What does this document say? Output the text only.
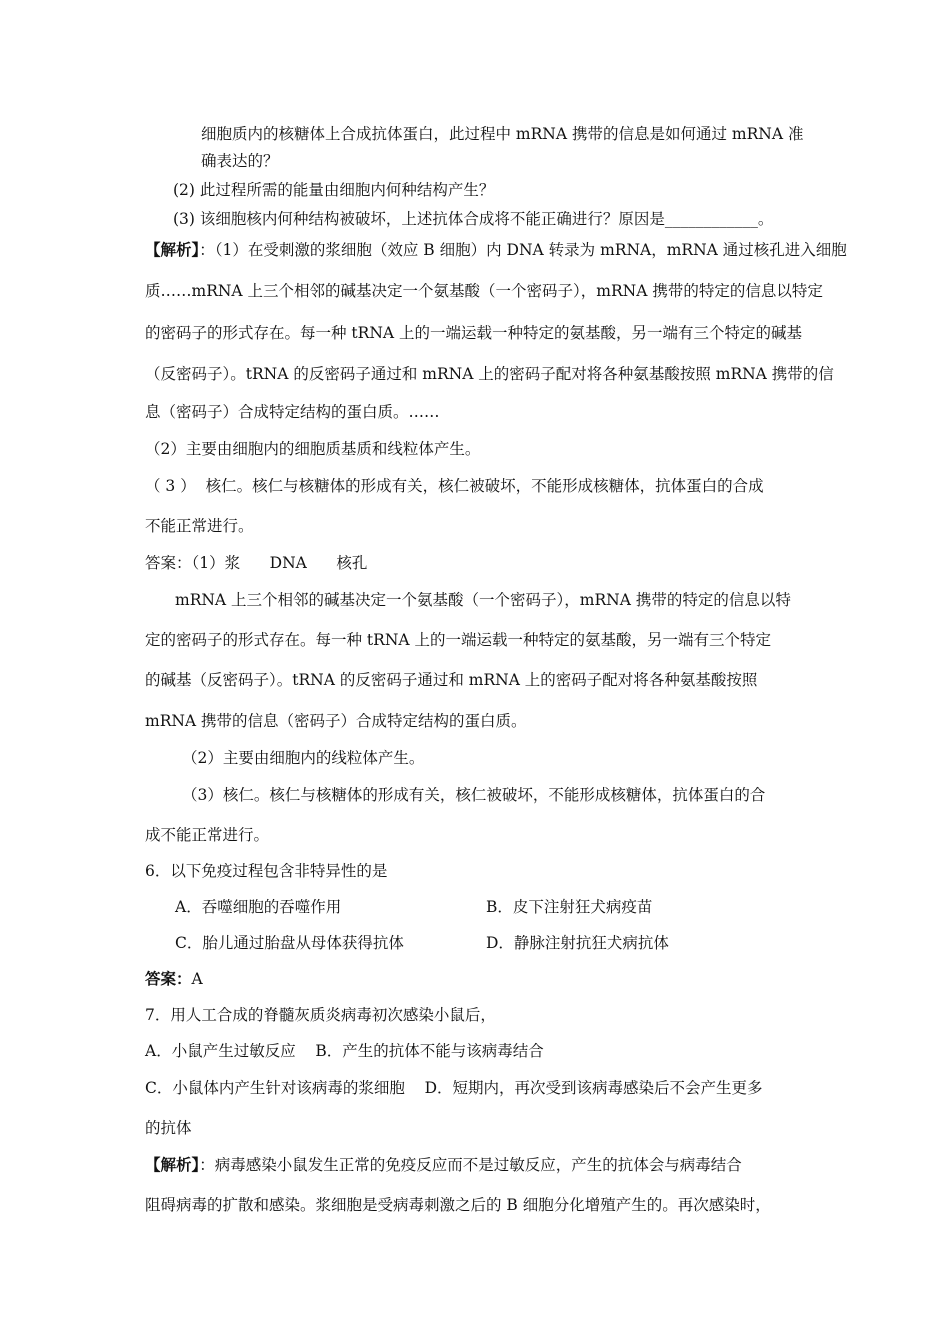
细胞质内的核糖体上合成抗体蛋白，此过程中 mRNA 携带的信息是如何通过 mRNA 准
确表达的？
(2) 此过程所需的能量由细胞内何种结构产生？
(3) 该细胞核内何种结构被破坏，上述抗体合成将不能正确进行？原因是____________。
【解析】：（1）在受刺激的浆细胞（效应 B 细胞）内 DNA 转录为 mRNA，mRNA 通过核孔进入细胞
质……mRNA 上三个相邻的碱基决定一个氨基酸（一个密码子），mRNA 携带的特定的信息以特定
的密码子的形式存在。每一种 tRNA 上的一端运载一种特定的氨基酸，另一端有三个特定的碱基
（反密码子）。tRNA 的反密码子通过和 mRNA 上的密码子配对将各种氨基酸按照 mRNA 携带的信
息（密码子）合成特定结构的蛋白质。……
（2）主要由细胞内的细胞质基质和线粒体产生。
（ 3 ）  核仁。核仁与核糖体的形成有关，核仁被破坏，不能形成核糖体，抗体蛋白的合成
不能正常进行。
答案：（1）浆      DNA      核孔
mRNA 上三个相邻的碱基决定一个氨基酸（一个密码子），mRNA 携带的特定的信息以特
定的密码子的形式存在。每一种 tRNA 上的一端运载一种特定的氨基酸，另一端有三个特定
的碱基（反密码子）。tRNA 的反密码子通过和 mRNA 上的密码子配对将各种氨基酸按照
mRNA 携带的信息（密码子）合成特定结构的蛋白质。
（2）主要由细胞内的线粒体产生。
（3）核仁。核仁与核糖体的形成有关，核仁被破坏，不能形成核糖体，抗体蛋白的合
成不能正常进行。
6．以下免疫过程包含非特异性的是
A．吞噬细胞的吞噬作用	B．皮下注射狂犬病疫苗
C．胎儿通过胎盘从母体获得抗体	D．静脉注射抗狂犬病抗体
答案：A
7．用人工合成的脊髓灰质炎病毒初次感染小鼠后，
A．小鼠产生过敏反应    B．产生的抗体不能与该病毒结合
C．小鼠体内产生针对该病毒的浆细胞    D．短期内，再次受到该病毒感染后不会产生更多
的抗体
【解析】：病毒感染小鼠发生正常的免疫反应而不是过敏反应，产生的抗体会与病毒结合
阻碍病毒的扩散和感染。浆细胞是受病毒刺激之后的 B 细胞分化增殖产生的。再次感染时，
